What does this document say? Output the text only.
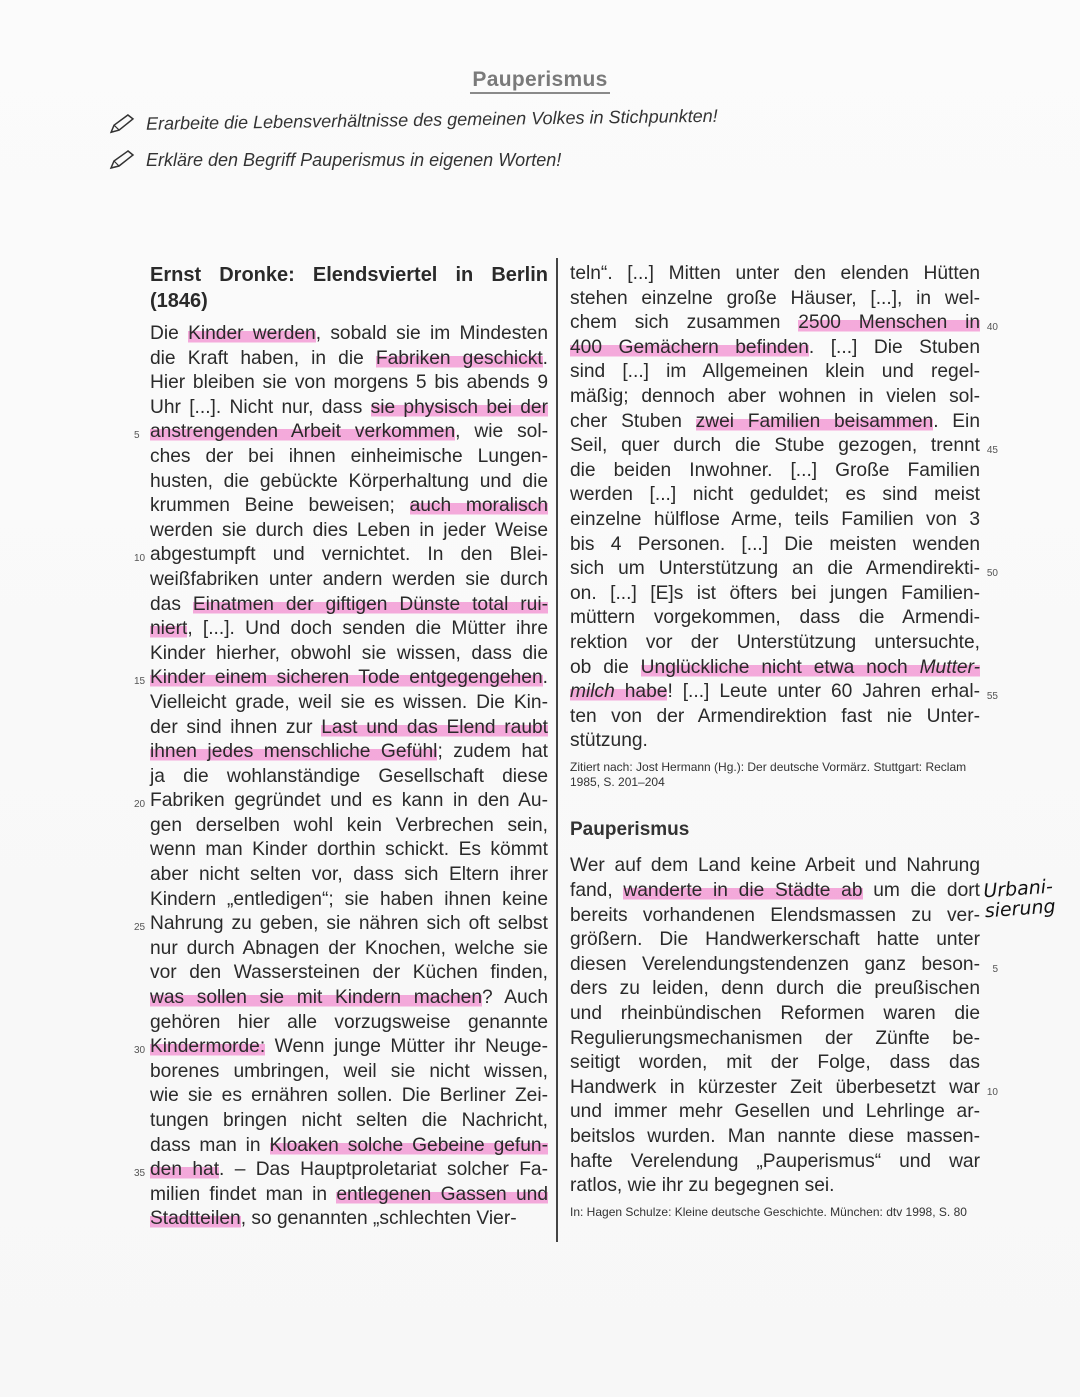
Pauperismus
Erarbeite die Lebensverhältnisse des gemeinen Volkes in Stichpunkten!
Erkläre den Begriff Pauperismus in eigenen Worten!
Ernst Dronke: Elendsviertel in Berlin (1846)
Die Kinder werden, sobald sie im Mindesten
die Kraft haben, in die Fabriken geschickt.
Hier bleiben sie von morgens 5 bis abends 9
Uhr [...]. Nicht nur, dass sie physisch bei der
5 anstrengenden Arbeit verkommen, wie sol-
ches der bei ihnen einheimische Lungen-
husten, die gebückte Körperhaltung und die
krummen Beine beweisen; auch moralisch
werden sie durch dies Leben in jeder Weise
10 abgestumpft und vernichtet. In den Blei-
weißfabriken unter andern werden sie durch
das Einatmen der giftigen Dünste total rui-
niert, [...]. Und doch senden die Mütter ihre
Kinder hierher, obwohl sie wissen, dass die
15 Kinder einem sicheren Tode entgegengehen.
Vielleicht grade, weil sie es wissen. Die Kin-
der sind ihnen zur Last und das Elend raubt
ihnen jedes menschliche Gefühl; zudem hat
ja die wohlanständige Gesellschaft diese
20 Fabriken gegründet und es kann in den Au-
gen derselben wohl kein Verbrechen sein,
wenn man Kinder dorthin schickt. Es kömmt
aber nicht selten vor, dass sich Eltern ihrer
Kindern „entledigen“; sie haben ihnen keine
25 Nahrung zu geben, sie nähren sich oft selbst
nur durch Abnagen der Knochen, welche sie
vor den Wassersteinen der Küchen finden,
was sollen sie mit Kindern machen? Auch
gehören hier alle vorzugsweise genannte
30 Kindermorde: Wenn junge Mütter ihr Neuge-
borenes umbringen, weil sie nicht wissen,
wie sie es ernähren sollen. Die Berliner Zei-
tungen bringen nicht selten die Nachricht,
dass man in Kloaken solche Gebeine gefun-
35 den hat. – Das Hauptproletariat solcher Fa-
milien findet man in entlegenen Gassen und
Stadtteilen, so genannten „schlechten Vier-
teln“. [...] Mitten unter den elenden Hütten
stehen einzelne große Häuser, [...], in wel-
40
chem sich zusammen 2500 Menschen in
400 Gemächern befinden. [...] Die Stuben
sind [...] im Allgemeinen klein und regel-
mäßig; dennoch aber wohnen in vielen sol-
cher Stuben zwei Familien beisammen. Ein
45
Seil, quer durch die Stube gezogen, trennt
die beiden Inwohner. [...] Große Familien
werden [...] nicht geduldet; es sind meist
einzelne hülflose Arme, teils Familien von 3
bis 4 Personen. [...] Die meisten wenden
50
sich um Unterstützung an die Armendirekti-
on. [...] [E]s ist öfters bei jungen Familien-
müttern vorgekommen, dass die Armendi-
rektion vor der Unterstützung untersuchte,
ob die Unglückliche nicht etwa noch Mutter-
55
milch habe! [...] Leute unter 60 Jahren erhal-
ten von der Armendirektion fast nie Unter-
stützung.
Zitiert nach: Jost Hermann (Hg.): Der deutsche Vormärz. Stuttgart: Reclam 1985, S. 201–204
Pauperismus
Wer auf dem Land keine Arbeit und Nahrung
fand, wanderte in die Städte ab um die dort
bereits vorhandenen Elendsmassen zu ver-
größern. Die Handwerkerschaft hatte unter
5
diesen Verelendungstendenzen ganz beson-
ders zu leiden, denn durch die preußischen
und rheinbündischen Reformen waren die
Regulierungsmechanismen der Zünfte be-
seitigt worden, mit der Folge, dass das
10
Handwerk in kürzester Zeit überbesetzt war
und immer mehr Gesellen und Lehrlinge ar-
beitslos wurden. Man nannte diese massen-
hafte Verelendung „Pauperismus“ und war
ratlos, wie ihr zu begegnen sei.
In: Hagen Schulze: Kleine deutsche Geschichte. München: dtv 1998, S. 80
Urbani-sierung
